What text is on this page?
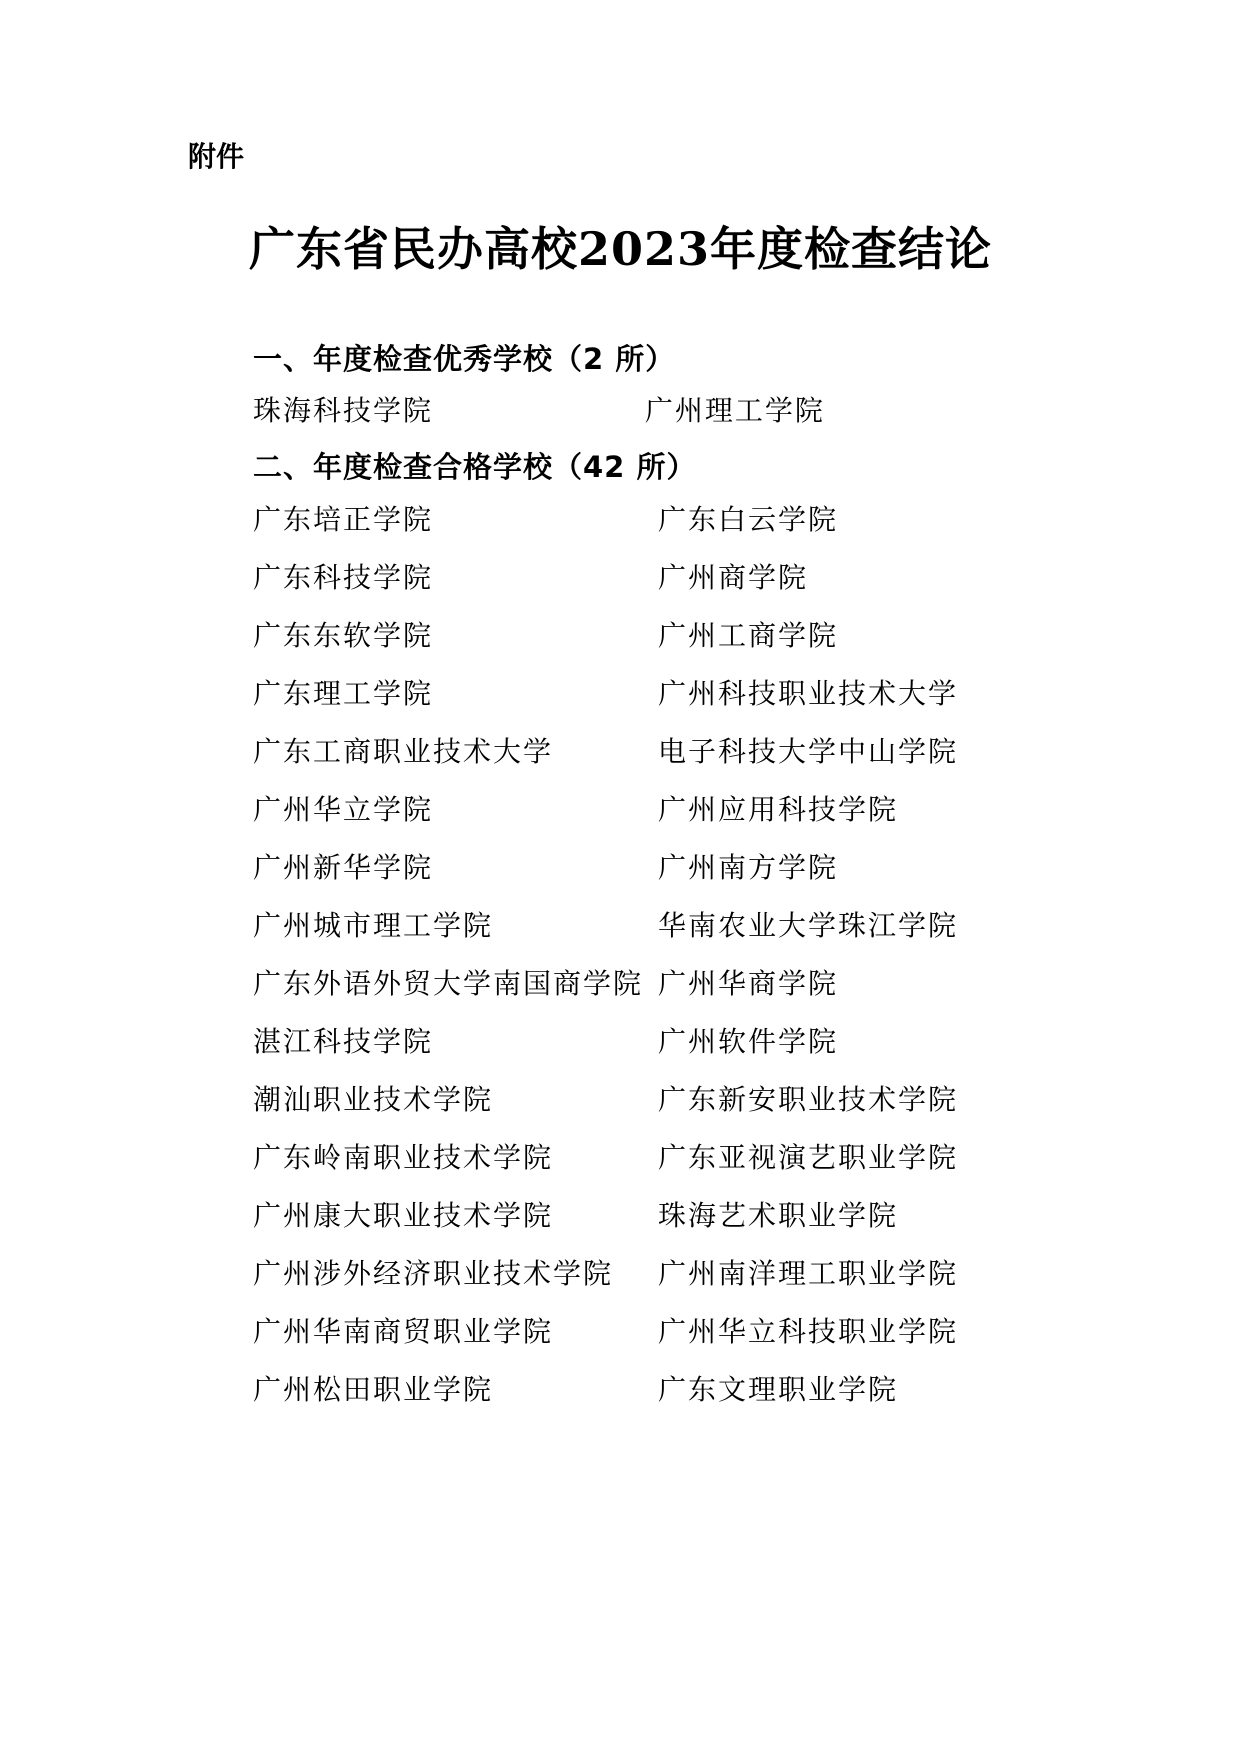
附件
广东省民办高校2023年度检查结论
一、年度检查优秀学校（2 所）
珠海科技学院	广州理工学院
二、年度检查合格学校（42 所）
广东培正学院	广东白云学院
广东科技学院	广州商学院
广东东软学院	广州工商学院
广东理工学院	广州科技职业技术大学
广东工商职业技术大学	电子科技大学中山学院
广州华立学院	广州应用科技学院
广州新华学院	广州南方学院
广州城市理工学院	华南农业大学珠江学院
广东外语外贸大学南国商学院 广州华商学院
湛江科技学院	广州软件学院
潮汕职业技术学院	广东新安职业技术学院
广东岭南职业技术学院	广东亚视演艺职业学院
广州康大职业技术学院	珠海艺术职业学院
广州涉外经济职业技术学院 广州南洋理工职业学院
广州华南商贸职业学院	广州华立科技职业学院
广州松田职业学院	广东文理职业学院
